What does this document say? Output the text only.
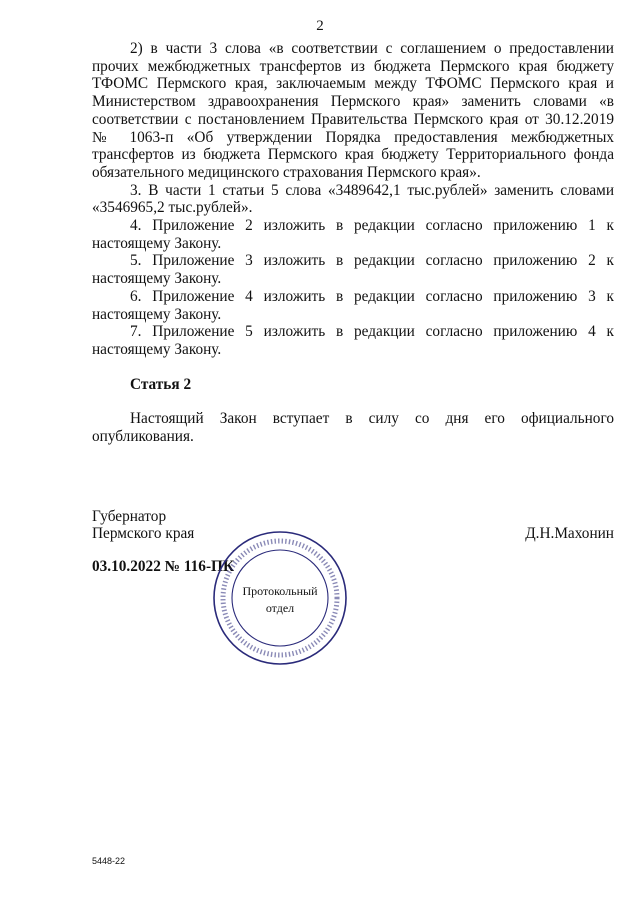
2

2) в части 3 слова «в соответствии с соглашением о предоставлении прочих межбюджетных трансфертов из бюджета Пермского края бюджету ТФОМС Пермского края, заключаемым между ТФОМС Пермского края и Министерством здравоохранения Пермского края» заменить словами «в соответствии с постановлением Правительства Пермского края от 30.12.2019 № 1063-п «Об утверждении Порядка предоставления межбюджетных трансфертов из бюджета Пермского края бюджету Территориального фонда обязательного медицинского страхования Пермского края».

3. В части 1 статьи 5 слова «3489642,1 тыс.рублей» заменить словами «3546965,2 тыс.рублей».

4. Приложение 2 изложить в редакции согласно приложению 1 к настоящему Закону.

5. Приложение 3 изложить в редакции согласно приложению 2 к настоящему Закону.

6. Приложение 4 изложить в редакции согласно приложению 3 к настоящему Закону.

7. Приложение 5 изложить в редакции согласно приложению 4 к настоящему Закону.

Статья 2

Настоящий Закон вступает в силу со дня его официального опубликования.

Губернатор
Пермского края	Д.Н.Махонин
03.10.2022 № 116-ПК
Протокольный
отдел
5448-22
